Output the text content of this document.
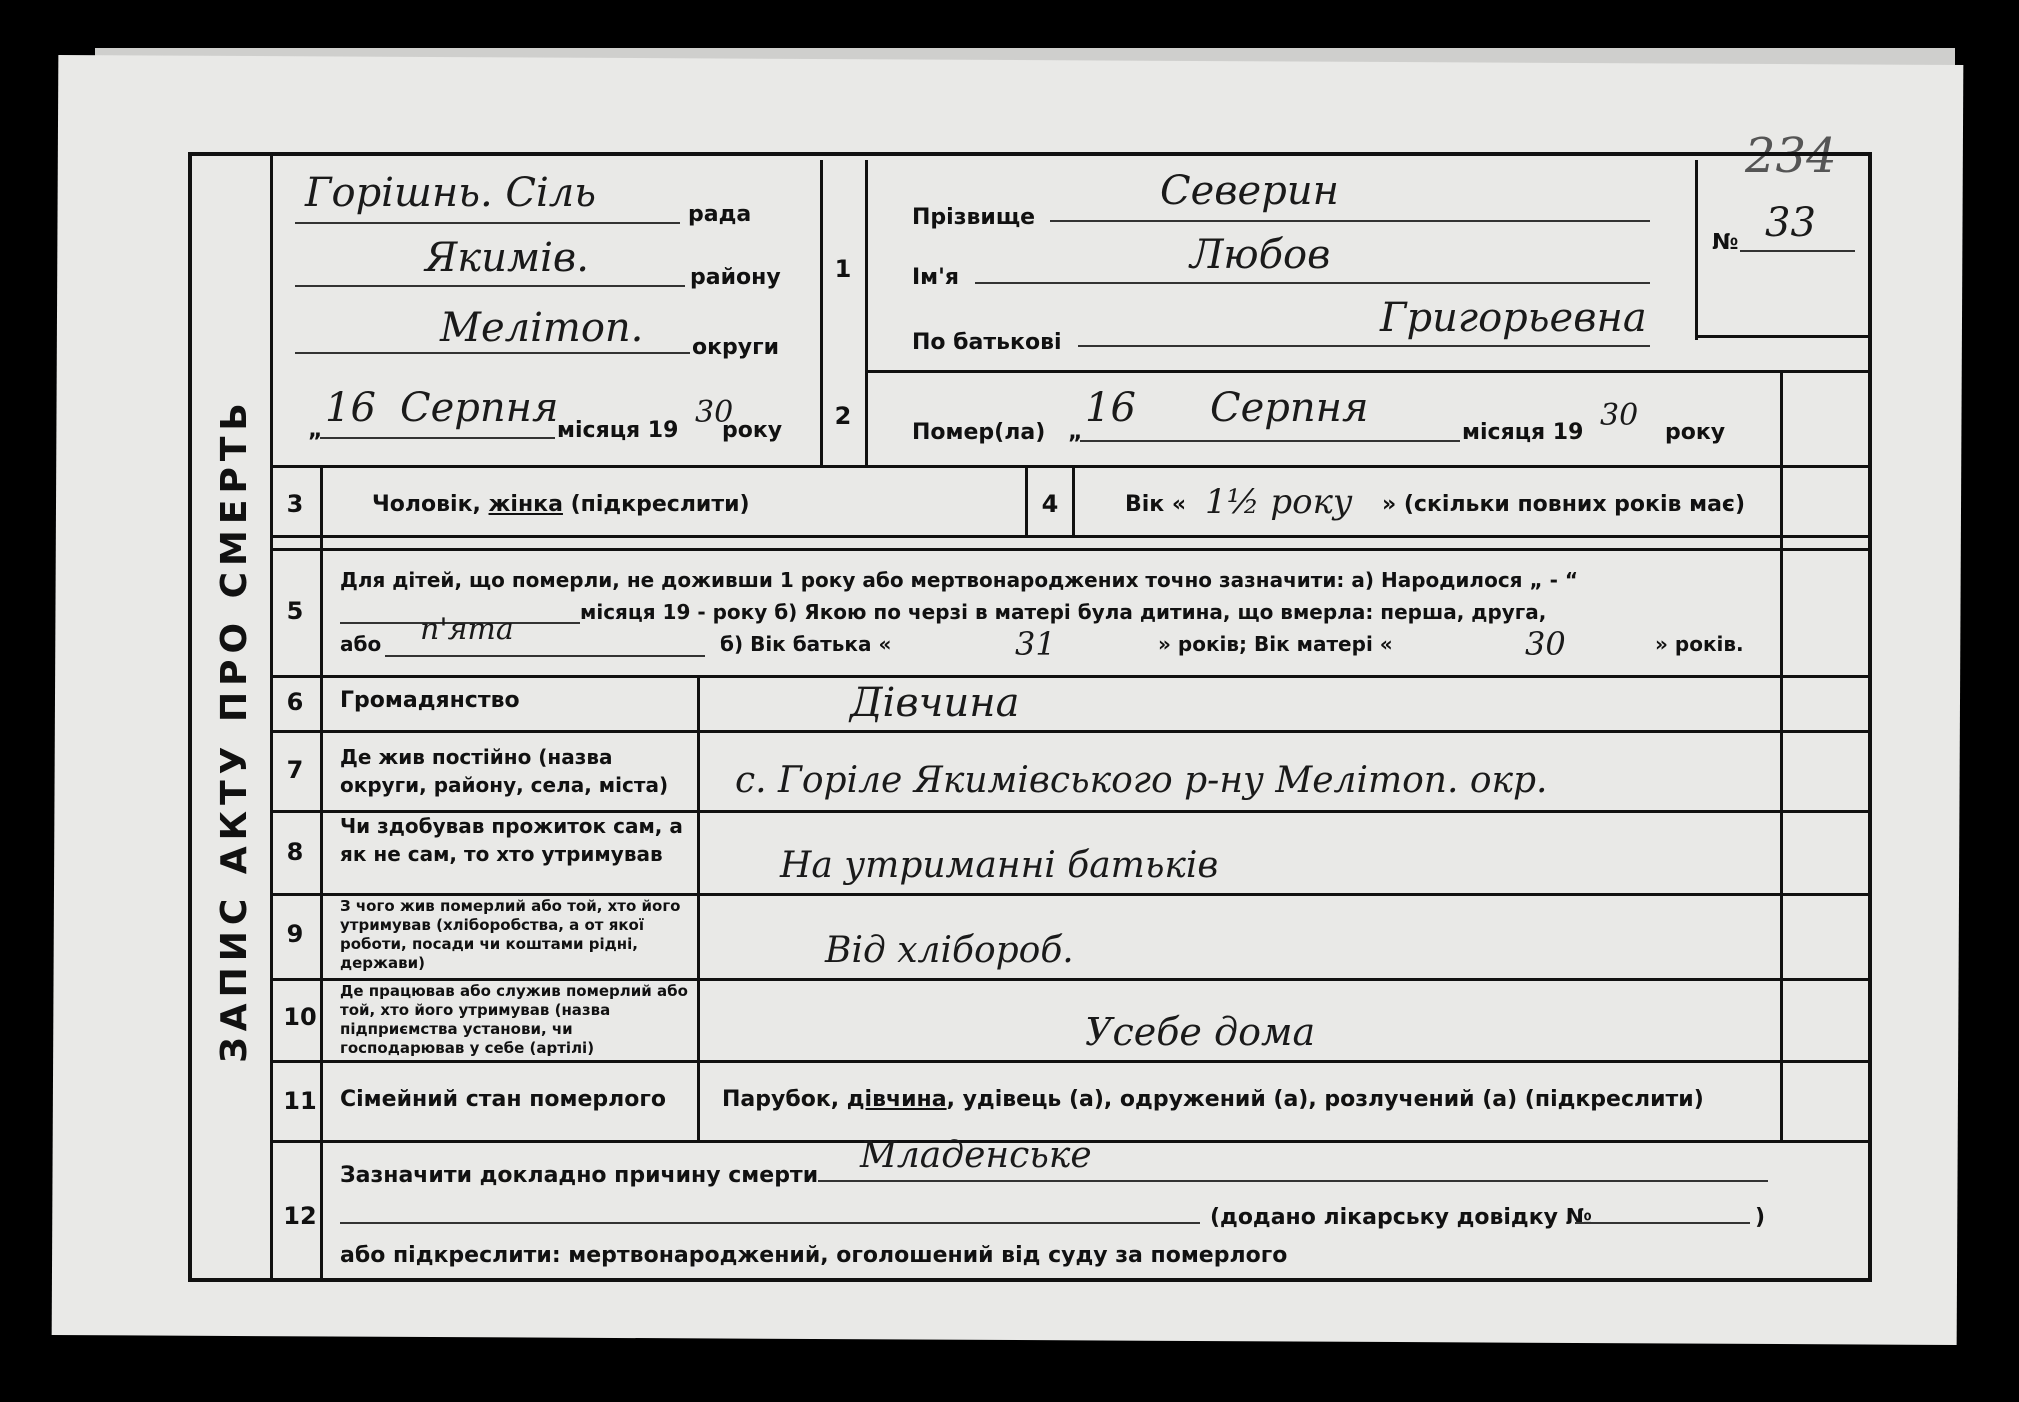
234
ЗАПИС АКТУ ПРО СМЕРТЬ
Горішнь. Сіль	рада
Якимів.	району
Мелітоп. округи
„ 16 Серпня
місяця 19
30
року
1
Прізвище
Северин
Ім'я	Любов
По батькові
Григорьевна
№ 33
2
Помер(ла) „
16 Серпня
місяця 19 30 року
3	Чоловік, жінка (підкреслити)	4	Вік « 1½ року » (скільки повних років має)
5
Для дітей, що померли, не доживши 1 року або мертвонароджених точно зазначити: а) Народилося „ - “
місяця 19 - року б) Якою по черзі в матері була дитина, що вмерла: перша, друга,
або п'ята	б) Вік батька «	31	» років; Вік матері «	30	» років.
6	Громадянство	Дівчина
7	Де жив постійно (назва округи, району, села, міста)	с. Горіле Якимівського р-ну Мелітоп. окр.
8
Чи здобував прожиток сам, а як не сам, то хто утримував	На утриманні батьків
9
З чого жив померлий або той, хто його утримував (хліборобства, а от якої роботи, посади чи коштами рідні, держави)	Від хлібороб.
10
Де працював або служив померлий або той, хто його утримував (назва підприємства установи, чи господарював у себе (артілі)	Усебе дома
11 Сімейний стан померлого	Парубок, дівчина, удівець (а), одружений (а), розлучений (а) (підкреслити)
12
Зазначити докладно причину смерти Младенське
(додано лікарську довідку №	)
або підкреслити: мертвонароджений, оголошений від суду за померлого
